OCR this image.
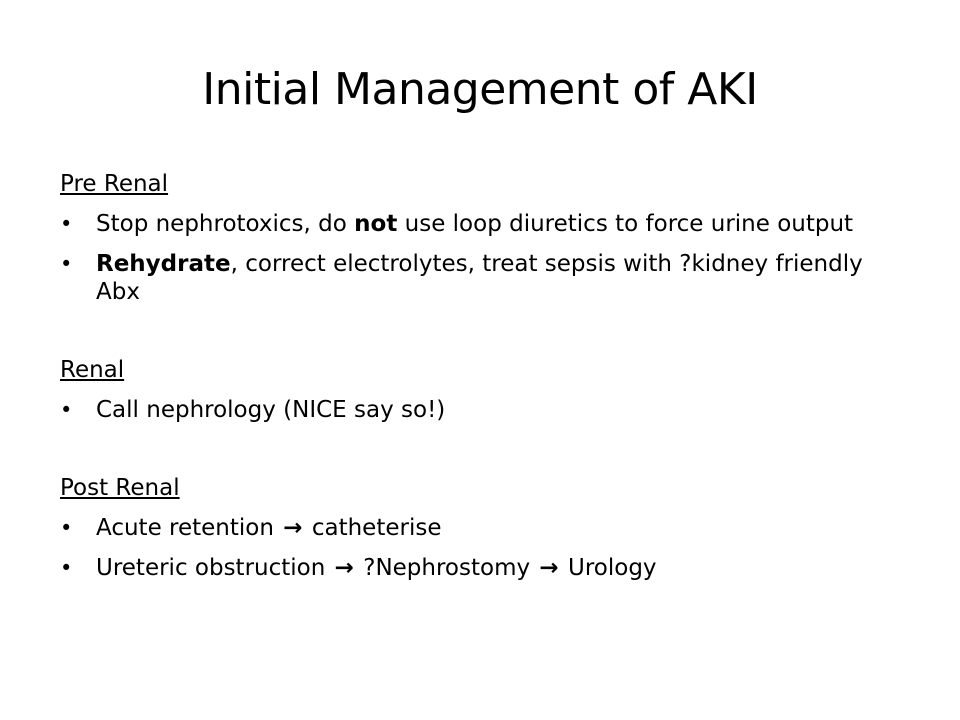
Initial Management of AKI
Pre Renal
•	Stop nephrotoxics, do not use loop diuretics to force urine output
•	Rehydrate, correct electrolytes, treat sepsis with ?kidney friendly Abx
Renal
•	Call nephrology (NICE say so!)
Post Renal
•	Acute retention → catheterise
•	Ureteric obstruction → ?Nephrostomy → Urology
